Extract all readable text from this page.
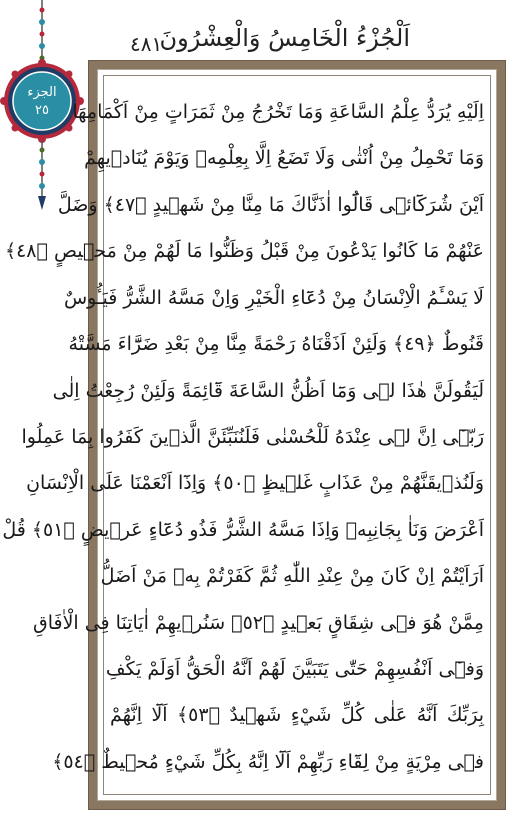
الجزء
٢٥
٤٨١
اَلْجُزْءُ الْخَامِسُ وَالْعِشْرُونَ
اِلَيْهِ يُرَدُّ عِلْمُ السَّاعَةِ وَمَا تَخْرُجُ مِنْ ثَمَرَاتٍ مِنْ اَكْمَامِهَا
وَمَا تَحْمِلُ مِنْ اُنْثٰى وَلَا تَضَعُ اِلَّا بِعِلْمِهٖ وَيَوْمَ يُنَادٖيهِمْ
اَيْنَ شُرَكَٓائٖى قَالُٓوا اٰذَنَّاكَ مَا مِنَّا مِنْ شَهٖيدٍ ﴿٤٧﴾ وَضَلَّ
عَنْهُمْ مَا كَانُوا يَدْعُونَ مِنْ قَبْلُ وَظَنُّوا مَا لَهُمْ مِنْ مَحٖيصٍ ﴿٤٨﴾
لَا يَسْـَٔمُ الْاِنْسَانُ مِنْ دُعَٓاءِ الْخَيْرِ وَاِنْ مَسَّهُ الشَّرُّ فَيَـُٔوسٌ
قَنُوطٌ ﴿٤٩﴾ وَلَئِنْ اَذَقْنَاهُ رَحْمَةً مِنَّا مِنْ بَعْدِ ضَرَّٓاءَ مَسَّتْهُ
لَيَقُولَنَّ هٰذَا لٖى وَمَٓا اَظُنُّ السَّاعَةَ قَٓائِمَةً وَلَئِنْ رُجِعْتُ اِلٰى
رَبّٖٓى اِنَّ لٖى عِنْدَهُ لَلْحُسْنٰى فَلَنُنَبِّئَنَّ الَّذٖينَ كَفَرُوا بِمَا عَمِلُوا
وَلَنُذٖيقَنَّهُمْ مِنْ عَذَابٍ غَلٖيظٍ ﴿٥٠﴾ وَاِذَٓا اَنْعَمْنَا عَلَى الْاِنْسَانِ
اَعْرَضَ وَنَاٰ بِجَانِبِهٖ وَاِذَا مَسَّهُ الشَّرُّ فَذُو دُعَٓاءٍ عَرٖيضٍ ﴿٥١﴾ قُلْ
اَرَاَيْتُمْ اِنْ كَانَ مِنْ عِنْدِ اللّٰهِ ثُمَّ كَفَرْتُمْ بِهٖ مَنْ اَضَلُّ
مِمَّنْ هُوَ فٖى شِقَاقٍ بَعٖيدٍ ﴿٥٢﴾ سَنُرٖيهِمْ اٰيَاتِنَا فِى الْاٰفَاقِ
وَفٖٓى اَنْفُسِهِمْ حَتّٰى يَتَبَيَّنَ لَهُمْ اَنَّهُ الْحَقُّ اَوَلَمْ يَكْفِ
بِرَبِّكَ اَنَّهُ عَلٰى كُلِّ شَيْءٍ شَهٖيدٌ ﴿٥٣﴾ اَلَٓا اِنَّهُمْ
فٖى مِرْيَةٍ مِنْ لِقَٓاءِ رَبِّهِمْ اَلَٓا اِنَّهُ بِكُلِّ شَيْءٍ مُحٖيطٌ ﴿٥٤﴾
